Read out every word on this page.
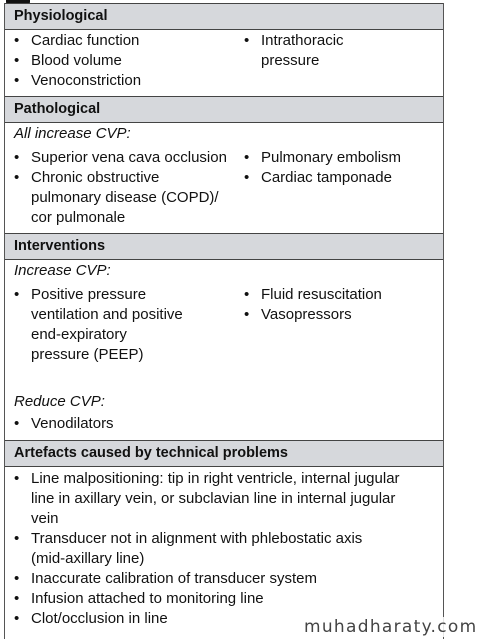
Physiological
• Cardiac function
• Blood volume
• Venoconstriction
• Intrathoracic
pressure
Pathological
All increase CVP:
• Superior vena cava occlusion
• Chronic obstructive
pulmonary disease (COPD)/
cor pulmonale
• Pulmonary embolism
• Cardiac tamponade
Interventions
Increase CVP:
• Positive pressure
ventilation and positive
end-expiratory
pressure (PEEP)
• Fluid resuscitation
• Vasopressors
Reduce CVP:
• Venodilators
Artefacts caused by technical problems
• Line malpositioning: tip in right ventricle, internal jugular
line in axillary vein, or subclavian line in internal jugular
vein
• Transducer not in alignment with phlebostatic axis
(mid-axillary line)
• Inaccurate calibration of transducer system
• Infusion attached to monitoring line
• Clot/occlusion in line	muhadharaty.com
